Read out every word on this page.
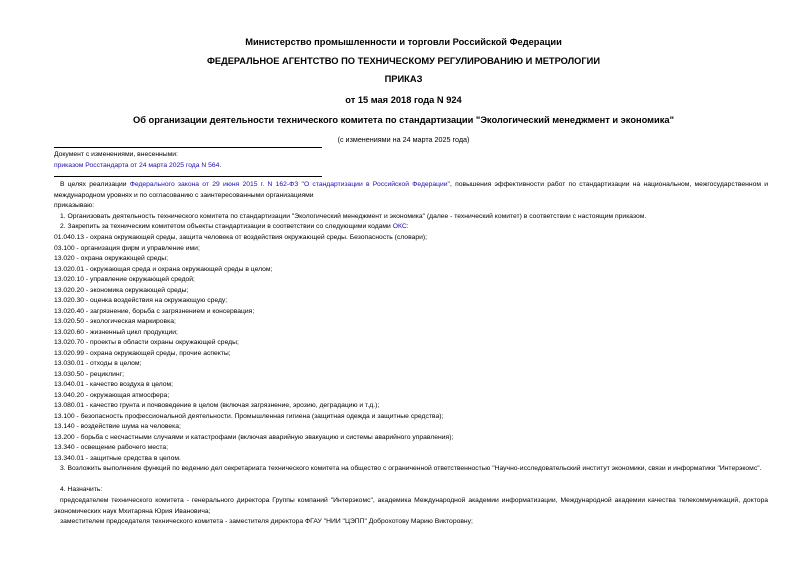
Министерство промышленности и торговли Российской Федерации
ФЕДЕРАЛЬНОЕ АГЕНТСТВО ПО ТЕХНИЧЕСКОМУ РЕГУЛИРОВАНИЮ И МЕТРОЛОГИИ
ПРИКАЗ
от 15 мая 2018 года N 924
Об организации деятельности технического комитета по стандартизации "Экологический менеджмент и экономика"
(с изменениями на 24 марта 2025 года)
Документ с изменениями, внесенными:
приказом Росстандарта от 24 марта 2025 года N 564.
В целях реализации Федерального закона от 29 июня 2015 г. N 162-ФЗ "О стандартизации в Российской Федерации", повышения эффективности работ по стандартизации на национальном, межгосударственном и международном уровнях и по согласованию с заинтересованными организациями
приказываю:
1. Организовать деятельность технического комитета по стандартизации "Экологический менеджмент и экономика" (далее - технический комитет) в соответствии с настоящим приказом.
2. Закрепить за техническим комитетом объекты стандартизации в соответствии со следующими кодами ОКС:
01.040.13 - охрана окружающей среды, защита человека от воздействия окружающей среды. Безопасность (словари);
03.100 - организация фирм и управление ими;
13.020 - охрана окружающей среды;
13.020.01 - окружающая среда и охрана окружающей среды в целом;
13.020.10 - управление окружающей средой;
13.020.20 - экономика окружающей среды;
13.020.30 - оценка воздействия на окружающую среду;
13.020.40 - загрязнение, борьба с загрязнением и консервация;
13.020.50 - экологическая маркировка;
13.020.60 - жизненный цикл продукции;
13.020.70 - проекты в области охраны окружающей среды;
13.020.99 - охрана окружающей среды, прочие аспекты;
13.030.01 - отходы в целом;
13.030.50 - рециклинг;
13.040.01 - качество воздуха в целом;
13.040.20 - окружающая атмосфера;
13.080.01 - качество грунта и почвоведение в целом (включая загрязнение, эрозию, деградацию и т.д.);
13.100 - безопасность профессиональной деятельности. Промышленная гигиена (защитная одежда и защитные средства);
13.140 - воздействие шума на человека;
13.200 - борьба с несчастными случаями и катастрофами (включая аварийную эвакуацию и системы аварийного управления);
13.340 - освещение рабочего места;
13.340.01 - защитные средства в целом.
3. Возложить выполнение функций по ведению дел секретариата технического комитета на общество с ограниченной ответственностью "Научно-исследовательский институт экономики, связи и информатики "Интерэкомс".
4. Назначить:
председателем технического комитета - генерального директора Группы компаний "Интерэкомс", академика Международной академии информатизации, Международной академии качества телекоммуникаций, доктора экономических наук Мхитаряна Юрия Ивановича;
заместителем председателя технического комитета - заместителя директора ФГАУ "НИИ "ЦЭПП" Доброхотову Марию Викторовну;
